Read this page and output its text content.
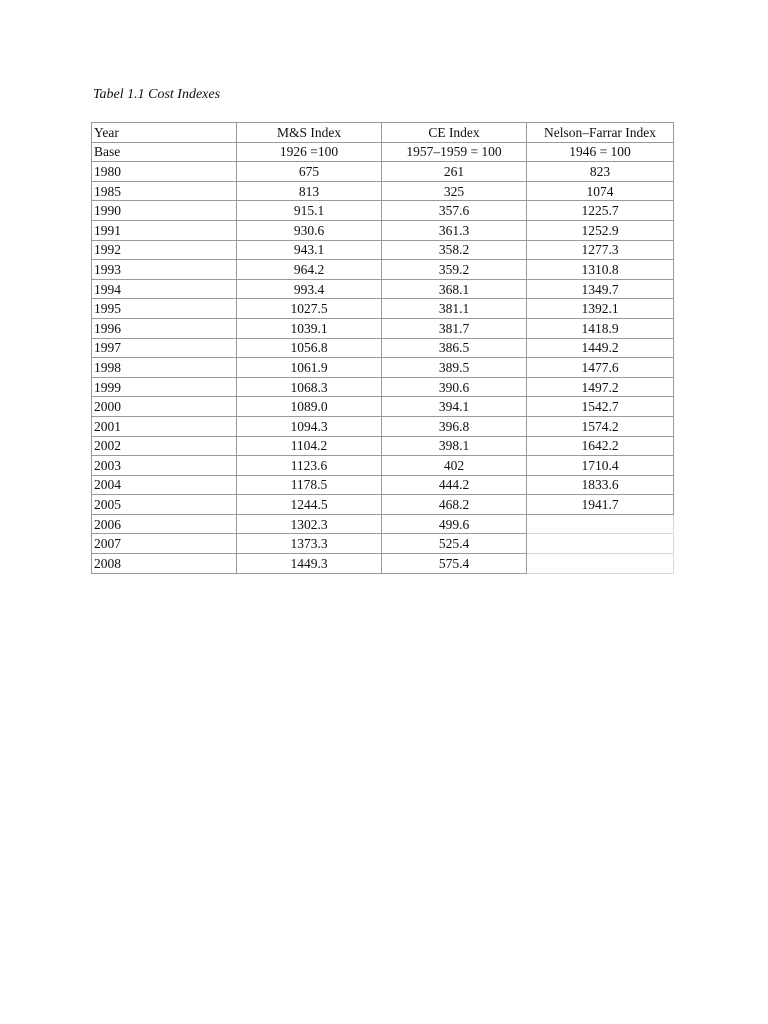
Tabel 1.1 Cost Indexes
Year	M&S Index	CE Index	Nelson–Farrar Index
Base	1926 =100	1957–1959 = 100	1946 = 100
1980	675	261	823
1985	813	325	1074
1990	915.1	357.6	1225.7
1991	930.6	361.3	1252.9
1992	943.1	358.2	1277.3
1993	964.2	359.2	1310.8
1994	993.4	368.1	1349.7
1995	1027.5	381.1	1392.1
1996	1039.1	381.7	1418.9
1997	1056.8	386.5	1449.2
1998	1061.9	389.5	1477.6
1999	1068.3	390.6	1497.2
2000	1089.0	394.1	1542.7
2001	1094.3	396.8	1574.2
2002	1104.2	398.1	1642.2
2003	1123.6	402	1710.4
2004	1178.5	444.2	1833.6
2005	1244.5	468.2	1941.7
2006	1302.3	499.6	
2007	1373.3	525.4	
2008	1449.3	575.4	
